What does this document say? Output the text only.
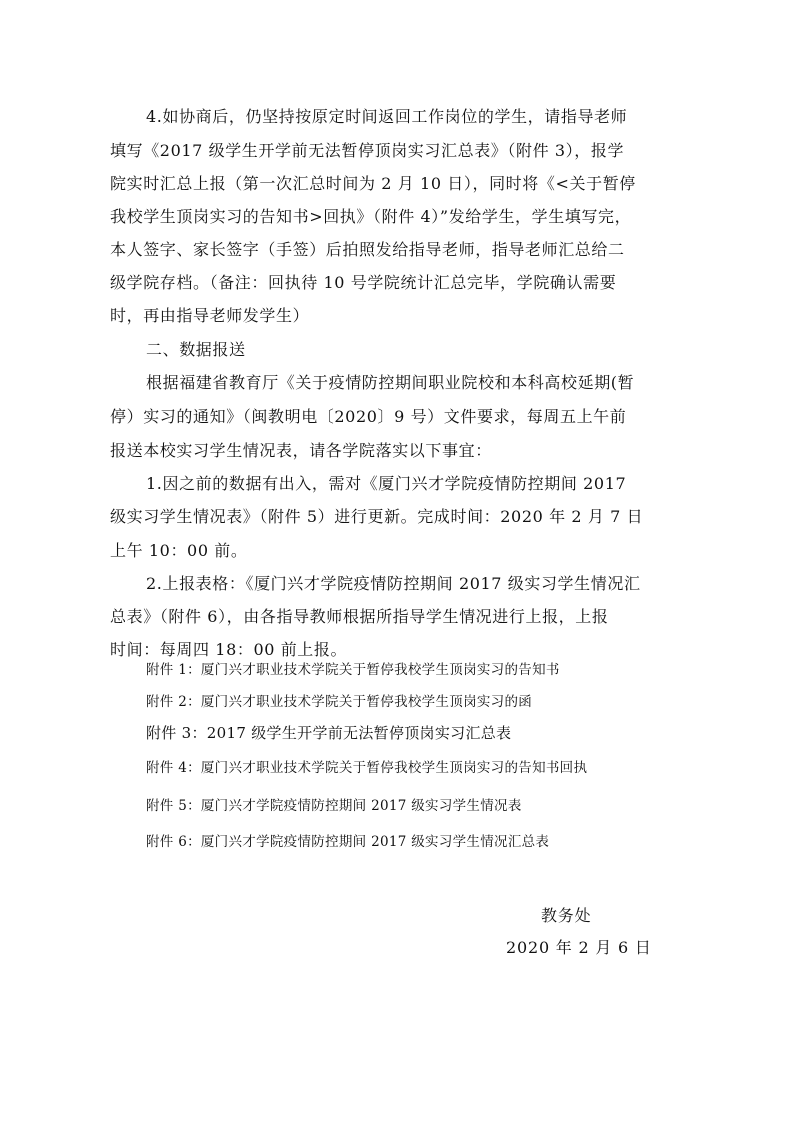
4.如协商后，仍坚持按原定时间返回工作岗位的学生，请指导老师
填写《2017 级学生开学前无法暂停顶岗实习汇总表》（附件 3），报学
院实时汇总上报（第一次汇总时间为 2 月 10 日），同时将《<关于暂停
我校学生顶岗实习的告知书>回执》（附件 4）”发给学生，学生填写完，
本人签字、家长签字（手签）后拍照发给指导老师，指导老师汇总给二
级学院存档。（备注：回执待 10 号学院统计汇总完毕，学院确认需要
时，再由指导老师发学生）
二、数据报送
根据福建省教育厅《关于疫情防控期间职业院校和本科高校延期(暂
停）实习的通知》（闽教明电〔2020〕9 号）文件要求，每周五上午前
报送本校实习学生情况表，请各学院落实以下事宜：
1.因之前的数据有出入，需对《厦门兴才学院疫情防控期间 2017
级实习学生情况表》（附件 5）进行更新。完成时间：2020 年 2 月 7 日
上午 10：00 前。
2.上报表格：《厦门兴才学院疫情防控期间 2017 级实习学生情况汇
总表》（附件 6），由各指导教师根据所指导学生情况进行上报，上报
时间：每周四 18：00 前上报。
附件 1：厦门兴才职业技术学院关于暂停我校学生顶岗实习的告知书
附件 2：厦门兴才职业技术学院关于暂停我校学生顶岗实习的函
附件 3：2017 级学生开学前无法暂停顶岗实习汇总表
附件 4：厦门兴才职业技术学院关于暂停我校学生顶岗实习的告知书回执
附件 5：厦门兴才学院疫情防控期间 2017 级实习学生情况表
附件 6：厦门兴才学院疫情防控期间 2017 级实习学生情况汇总表
教务处
2020 年 2 月 6 日
